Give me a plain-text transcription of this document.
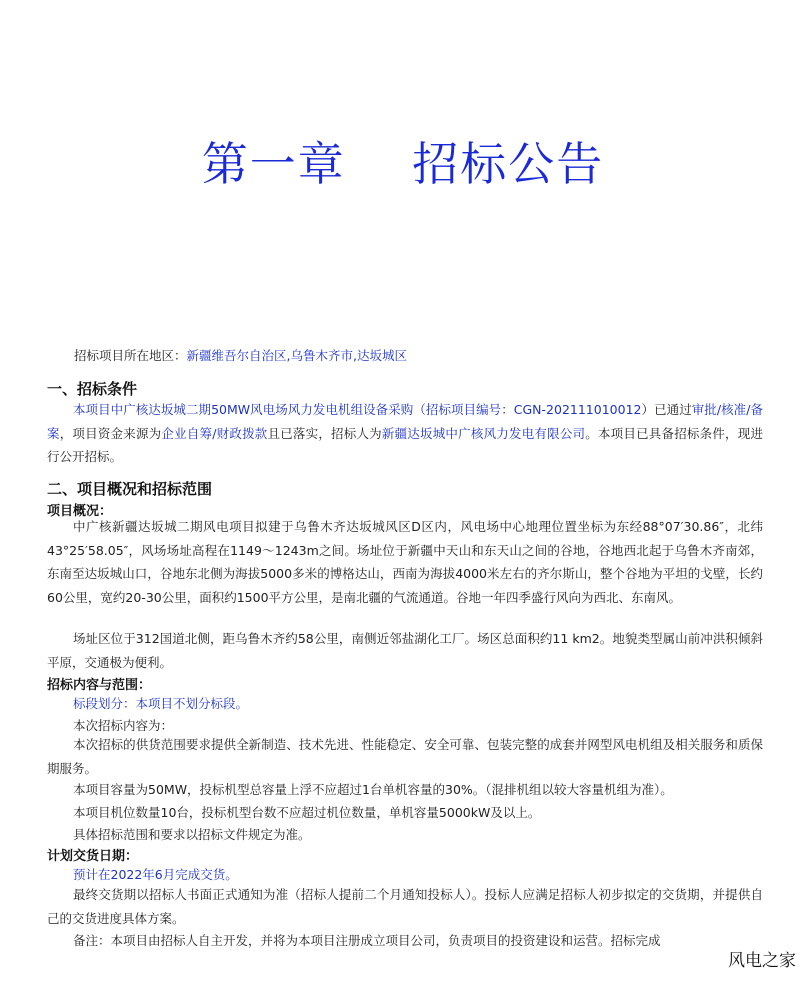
第一章    招标公告
招标项目所在地区：新疆维吾尔自治区,乌鲁木齐市,达坂城区
一、招标条件
本项目中广核达坂城二期50MW风电场风力发电机组设备采购（招标项目编号：CGN-202111010012）已通过审批/核准/备案，项目资金来源为企业自筹/财政拨款且已落实，招标人为新疆达坂城中广核风力发电有限公司。本项目已具备招标条件，现进行公开招标。
二、项目概况和招标范围
项目概况：
中广核新疆达坂城二期风电项目拟建于乌鲁木齐达坂城风区D区内，风电场中心地理位置坐标为东经88°07′30.86″，北纬43°25′58.05″，风场场址高程在1149～1243m之间。场址位于新疆中天山和东天山之间的谷地，谷地西北起于乌鲁木齐南郊，东南至达坂城山口，谷地东北侧为海拔5000多米的博格达山，西南为海拔4000米左右的齐尔斯山，整个谷地为平坦的戈壁，长约60公里，宽约20-30公里，面积约1500平方公里，是南北疆的气流通道。谷地一年四季盛行风向为西北、东南风。
场址区位于312国道北侧，距乌鲁木齐约58公里，南侧近邻盐湖化工厂。场区总面积约11 km2。地貌类型属山前冲洪积倾斜平原，交通极为便利。
招标内容与范围：
标段划分：本项目不划分标段。
本次招标内容为：
本次招标的供货范围要求提供全新制造、技术先进、性能稳定、安全可靠、包装完整的成套并网型风电机组及相关服务和质保期服务。
本项目容量为50MW，投标机型总容量上浮不应超过1台单机容量的30%。（混排机组以较大容量机组为准）。
本项目机位数量10台，投标机型台数不应超过机位数量，单机容量5000kW及以上。
具体招标范围和要求以招标文件规定为准。
计划交货日期：
预计在2022年6月完成交货。
最终交货期以招标人书面正式通知为准（招标人提前二个月通知投标人）。投标人应满足招标人初步拟定的交货期，并提供自己的交货进度具体方案。
备注：本项目由招标人自主开发，并将为本项目注册成立项目公司，负责项目的投资建设和运营。招标完成
风电之家
